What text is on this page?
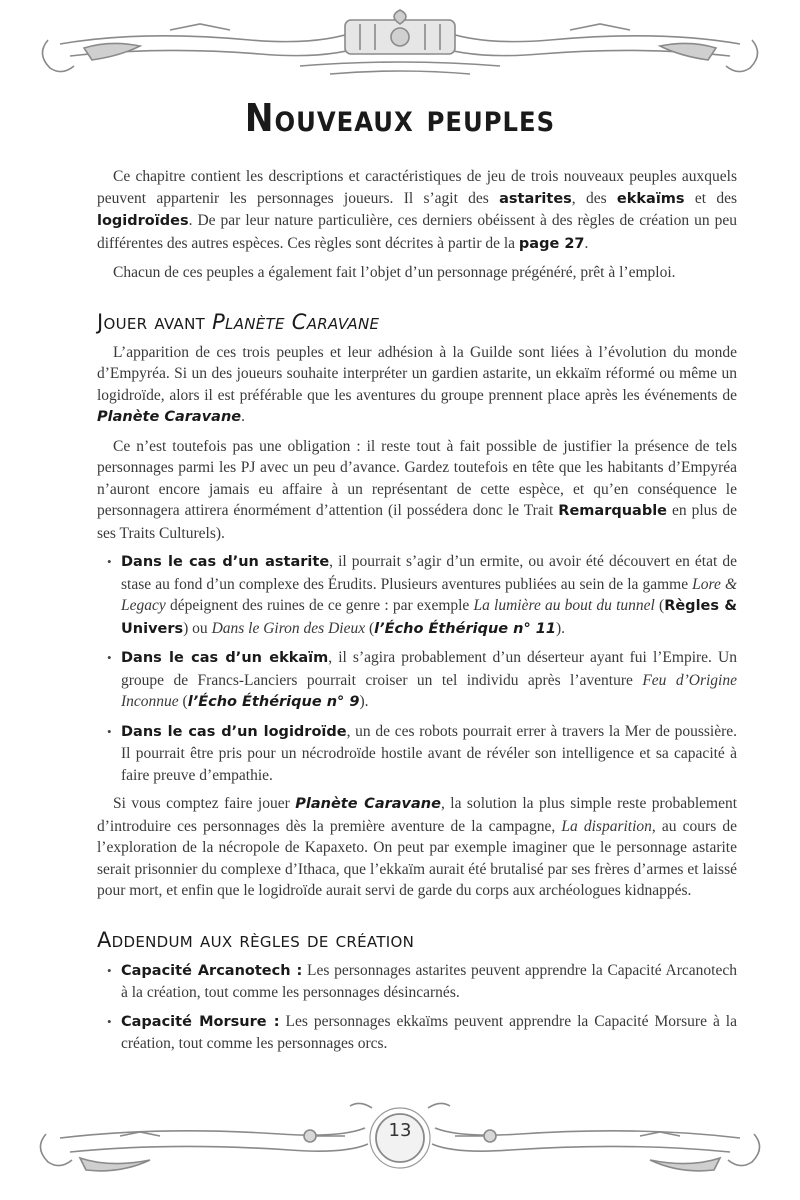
Nouveaux peuples

Ce chapitre contient les descriptions et caractéristiques de jeu de trois nouveaux peuples auxquels peuvent appartenir les personnages joueurs. Il s’agit des astarites, des ekkaïms et des logidroïdes. De par leur nature particulière, ces derniers obéissent à des règles de création un peu différentes des autres espèces. Ces règles sont décrites à partir de la page 27.

Chacun de ces peuples a également fait l’objet d’un personnage prégénéré, prêt à l’emploi.

Jouer avant Planète Caravane

L’apparition de ces trois peuples et leur adhésion à la Guilde sont liées à l’évolution du monde d’Empyréa. Si un des joueurs souhaite interpréter un gardien astarite, un ekkaïm réformé ou même un logidroïde, alors il est préférable que les aventures du groupe prennent place après les événements de Planète Caravane.

Ce n’est toutefois pas une obligation : il reste tout à fait possible de justifier la présence de tels personnages parmi les PJ avec un peu d’avance. Gardez toutefois en tête que les habitants d’Empyréa n’auront encore jamais eu affaire à un représentant de cette espèce, et qu’en conséquence le personnagera attirera énormément d’attention (il possédera donc le Trait Remarquable en plus de ses Traits Culturels).

• Dans le cas d’un astarite, il pourrait s’agir d’un ermite, ou avoir été découvert en état de stase au fond d’un complexe des Érudits. Plusieurs aventures publiées au sein de la gamme Lore & Legacy dépeignent des ruines de ce genre : par exemple La lumière au bout du tunnel (Règles & Univers) ou Dans le Giron des Dieux (l’Écho Éthérique n° 11).
• Dans le cas d’un ekkaïm, il s’agira probablement d’un déserteur ayant fui l’Empire. Un groupe de Francs-Lanciers pourrait croiser un tel individu après l’aventure Feu d’Origine Inconnue (l’Écho Éthérique n° 9).
• Dans le cas d’un logidroïde, un de ces robots pourrait errer à travers la Mer de poussière. Il pourrait être pris pour un nécrodroïde hostile avant de révéler son intelligence et sa capacité à faire preuve d’empathie.

Si vous comptez faire jouer Planète Caravane, la solution la plus simple reste probablement d’introduire ces personnages dès la première aventure de la campagne, La disparition, au cours de l’exploration de la nécropole de Kapaxeto. On peut par exemple imaginer que le personnage astarite serait prisonnier du complexe d’Ithaca, que l’ekkaïm aurait été brutalisé par ses frères d’armes et laissé pour mort, et enfin que le logidroïde aurait servi de garde du corps aux archéologues kidnappés.

Addendum aux règles de création
• Capacité Arcanotech : Les personnages astarites peuvent apprendre la Capacité Arcanotech à la création, tout comme les personnages désincarnés.
• Capacité Morsure : Les personnages ekkaïms peuvent apprendre la Capacité Morsure à la création, tout comme les personnages orcs.
13
